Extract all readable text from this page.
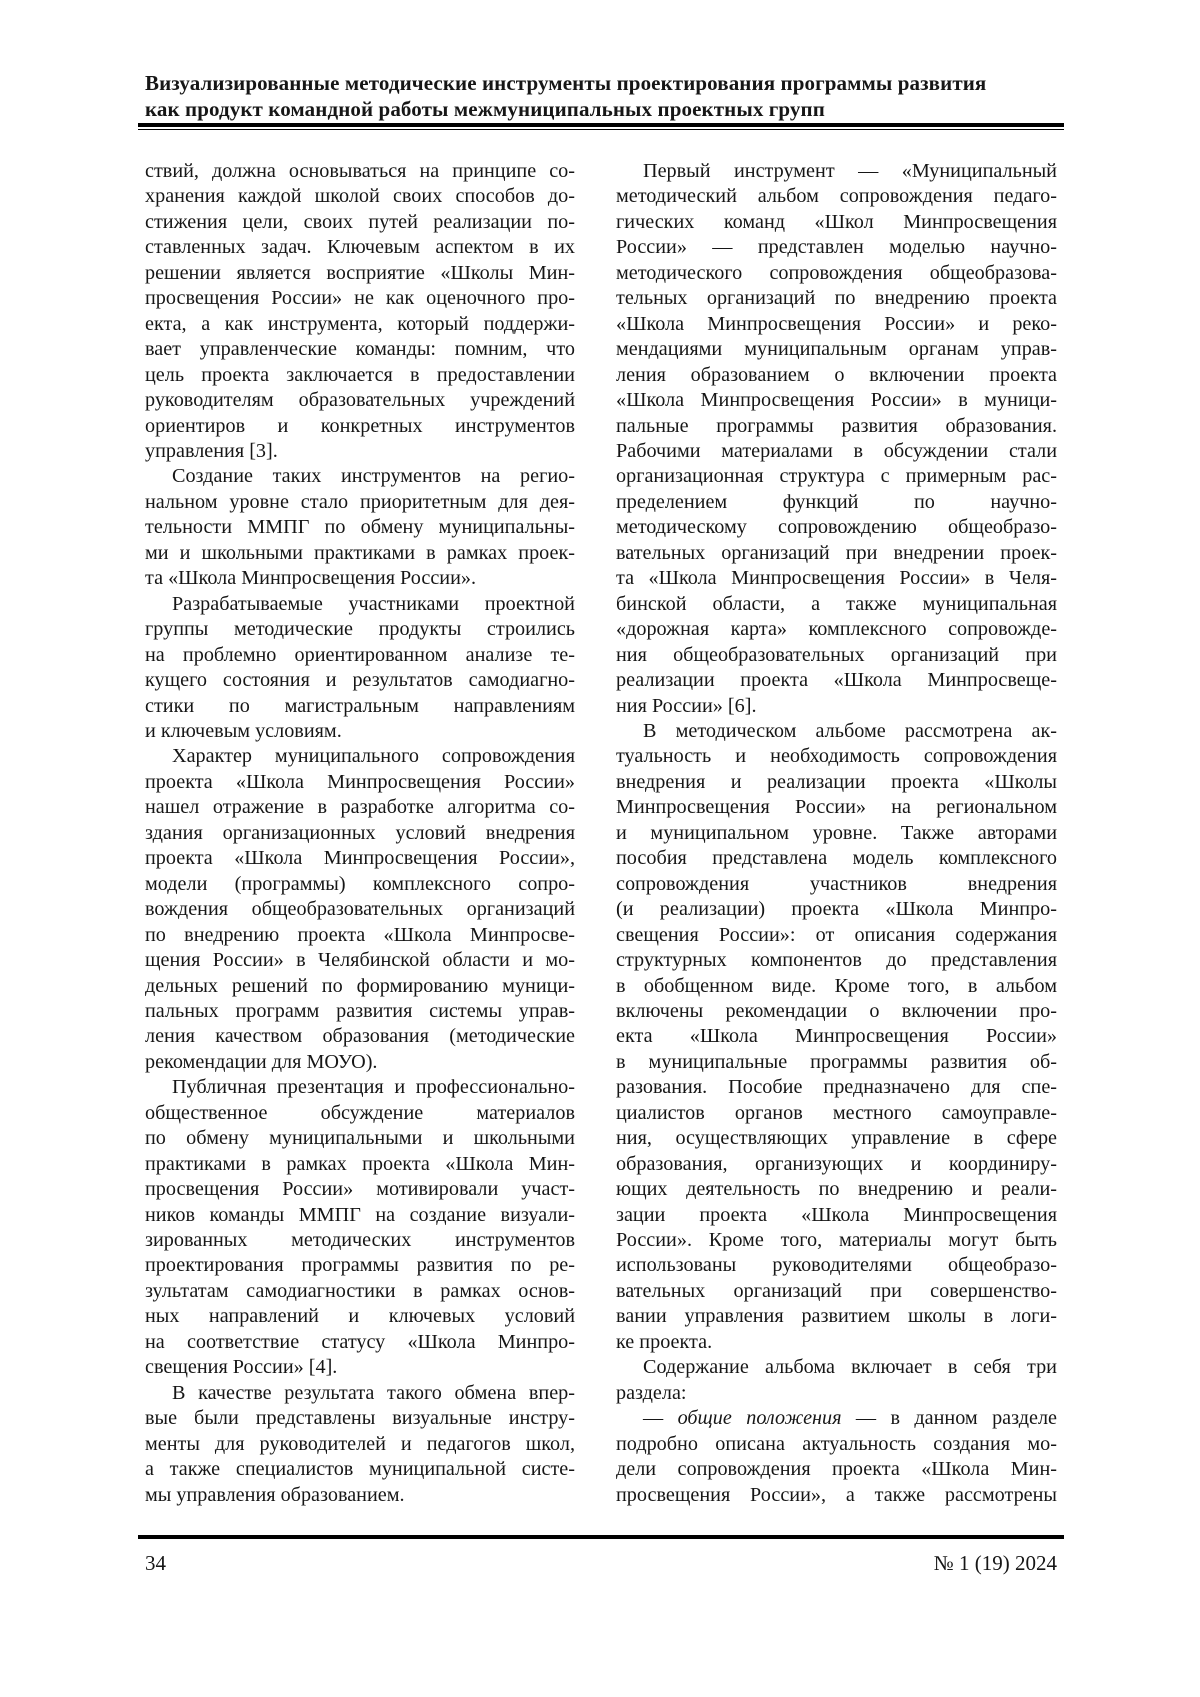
Визуализированные методические инструменты проектирования программы развития
как продукт командной работы межмуниципальных проектных групп
ствий, должна основываться на принципе со-
хранения каждой школой своих способов до-
стижения цели, своих путей реализации по-
ставленных задач. Ключевым аспектом в их
решении является восприятие «Школы Мин-
просвещения России» не как оценочного про-
екта, а как инструмента, который поддержи-
вает управленческие команды: помним, что
цель проекта заключается в предоставлении
руководителям образовательных учреждений
ориентиров и конкретных инструментов
управления [3].
Создание таких инструментов на регио-
нальном уровне стало приоритетным для дея-
тельности ММПГ по обмену муниципальны-
ми и школьными практиками в рамках проек-
та «Школа Минпросвещения России».
Разрабатываемые участниками проектной
группы методические продукты строились
на проблемно ориентированном анализе те-
кущего состояния и результатов самодиагно-
стики по магистральным направлениям
и ключевым условиям.
Характер муниципального сопровождения
проекта «Школа Минпросвещения России»
нашел отражение в разработке алгоритма со-
здания организационных условий внедрения
проекта «Школа Минпросвещения России»,
модели (программы) комплексного сопро-
вождения общеобразовательных организаций
по внедрению проекта «Школа Минпросве-
щения России» в Челябинской области и мо-
дельных решений по формированию муници-
пальных программ развития системы управ-
ления качеством образования (методические
рекомендации для МОУО).
Публичная презентация и профессионально-
общественное обсуждение материалов
по обмену муниципальными и школьными
практиками в рамках проекта «Школа Мин-
просвещения России» мотивировали участ-
ников команды ММПГ на создание визуали-
зированных методических инструментов
проектирования программы развития по ре-
зультатам самодиагностики в рамках основ-
ных направлений и ключевых условий
на соответствие статусу «Школа Минпро-
свещения России» [4].
В качестве результата такого обмена впер-
вые были представлены визуальные инстру-
менты для руководителей и педагогов школ,
а также специалистов муниципальной систе-
мы управления образованием.
Первый инструмент — «Муниципальный
методический альбом сопровождения педаго-
гических команд «Школ Минпросвещения
России» — представлен моделью научно-
методического сопровождения общеобразова-
тельных организаций по внедрению проекта
«Школа Минпросвещения России» и реко-
мендациями муниципальным органам управ-
ления образованием о включении проекта
«Школа Минпросвещения России» в муници-
пальные программы развития образования.
Рабочими материалами в обсуждении стали
организационная структура с примерным рас-
пределением функций по научно-
методическому сопровождению общеобразо-
вательных организаций при внедрении проек-
та «Школа Минпросвещения России» в Челя-
бинской области, а также муниципальная
«дорожная карта» комплексного сопровожде-
ния общеобразовательных организаций при
реализации проекта «Школа Минпросвеще-
ния России» [6].
В методическом альбоме рассмотрена ак-
туальность и необходимость сопровождения
внедрения и реализации проекта «Школы
Минпросвещения России» на региональном
и муниципальном уровне. Также авторами
пособия представлена модель комплексного
сопровождения участников внедрения
(и реализации) проекта «Школа Минпро-
свещения России»: от описания содержания
структурных компонентов до представления
в обобщенном виде. Кроме того, в альбом
включены рекомендации о включении про-
екта «Школа Минпросвещения России»
в муниципальные программы развития об-
разования. Пособие предназначено для спе-
циалистов органов местного самоуправле-
ния, осуществляющих управление в сфере
образования, организующих и координиру-
ющих деятельность по внедрению и реали-
зации проекта «Школа Минпросвещения
России». Кроме того, материалы могут быть
использованы руководителями общеобразо-
вательных организаций при совершенство-
вании управления развитием школы в логи-
ке проекта.
Содержание альбома включает в себя три
раздела:
— общие положения — в данном разделе
подробно описана актуальность создания мо-
дели сопровождения проекта «Школа Мин-
просвещения России», а также рассмотрены
34	№ 1 (19) 2024
